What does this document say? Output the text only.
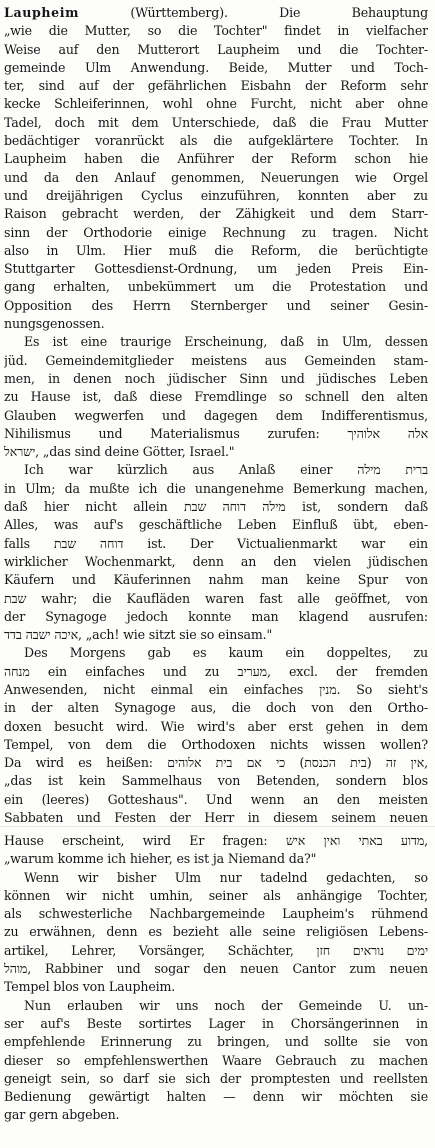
Laupheim	(Württemberg). Die Behauptung
„wie die Mutter, so die Tochter" findet in vielfacher
Weise auf den Mutterort Laupheim und die Tochter-
gemeinde Ulm Anwendung. Beide, Mutter und Toch-
ter, sind auf der gefährlichen Eisbahn der Reform sehr
kecke Schleiferinnen, wohl ohne Furcht, nicht aber ohne
Tadel, doch mit dem Unterschiede, daß die Frau Mutter
bedächtiger voranrückt als die aufgeklärtere Tochter. In
Laupheim haben die Anführer der Reform schon hie
und da den Anlauf genommen, Neuerungen wie Orgel
und dreijährigen Cyclus einzuführen, konnten aber zu
Raison gebracht werden, der Zähigkeit und dem Starr-
sinn der Orthodorie einige Rechnung zu tragen. Nicht
also in Ulm. Hier muß die Reform, die berüchtigte
Stuttgarter Gottesdienst-Ordnung, um jeden Preis Ein-
gang erhalten, unbekümmert um die Protestation und
Opposition des Herrn Sternberger und seiner Gesin-
nungsgenossen.
Es ist eine traurige Erscheinung, daß in Ulm, dessen
jüd. Gemeindemitglieder meistens aus Gemeinden stam-
men, in denen noch jüdischer Sinn und jüdisches Leben
zu Hause ist, daß diese Fremdlinge so schnell den alten
Glauben wegwerfen und dagegen dem Indifferentismus,
Nihilismus und Materialismus zurufen: אלה אלוהיך
ישראל, „das sind deine Götter, Israel."
Ich war kürzlich aus Anlaß einer ברית מילה
in Ulm; da mußte ich die unangenehme Bemerkung machen,
daß hier nicht allein מילה דוחה שבת ist, sondern daß
Alles, was auf's geschäftliche Leben Einfluß übt, eben-
falls דוחה שבת ist. Der Victualienmarkt war ein
wirklicher Wochenmarkt, denn an den vielen jüdischen
Käufern und Käuferinnen nahm man keine Spur von
שבת wahr; die Kaufläden waren fast alle geöffnet, von
der Synagoge jedoch konnte man klagend ausrufen:
איכה ישבה בדד, „ach! wie sitzt sie so einsam."
Des Morgens gab es kaum ein doppeltes, zu
מנחה ein einfaches und zu מעריב, excl. der fremden
Anwesenden, nicht einmal ein einfaches מנין. So sieht's
in der alten Synagoge aus, die doch von den Ortho-
doxen besucht wird. Wie wird's aber erst gehen in dem
Tempel, von dem die Orthodoxen nichts wissen wollen?
Da wird es heißen: אין זה (בית הכנסת) כי אם בית אלוהים,
„das ist kein Sammelhaus von Betenden, sondern blos
ein (leeres) Gotteshaus". Und wenn an den meisten
Sabbaten und Festen der Herr in diesem seinem neuen
Hause erscheint, wird Er fragen: מדוע באתי ואין איש,
„warum komme ich hieher, es ist ja Niemand da?"
Wenn wir bisher Ulm nur tadelnd gedachten, so
können wir nicht umhin, seiner als anhängige Tochter,
als schwesterliche Nachbargemeinde Laupheim's rühmend
zu erwähnen, denn es bezieht alle seine religiösen Lebens-
artikel, Lehrer, Vorsänger, Schächter, ימים נוראים חזן
מוהל, Rabbiner und sogar den neuen Cantor zum neuen
Tempel blos von Laupheim.
Nun erlauben wir uns noch der Gemeinde U. un-
ser auf's Beste sortirtes Lager in Chorsängerinnen in
empfehlende Erinnerung zu bringen, und sollte sie von
dieser so empfehlenswerthen Waare Gebrauch zu machen
geneigt sein, so darf sie sich der promptesten und reellsten
Bedienung gewärtigt halten — denn wir möchten sie
gar gern abgeben.
